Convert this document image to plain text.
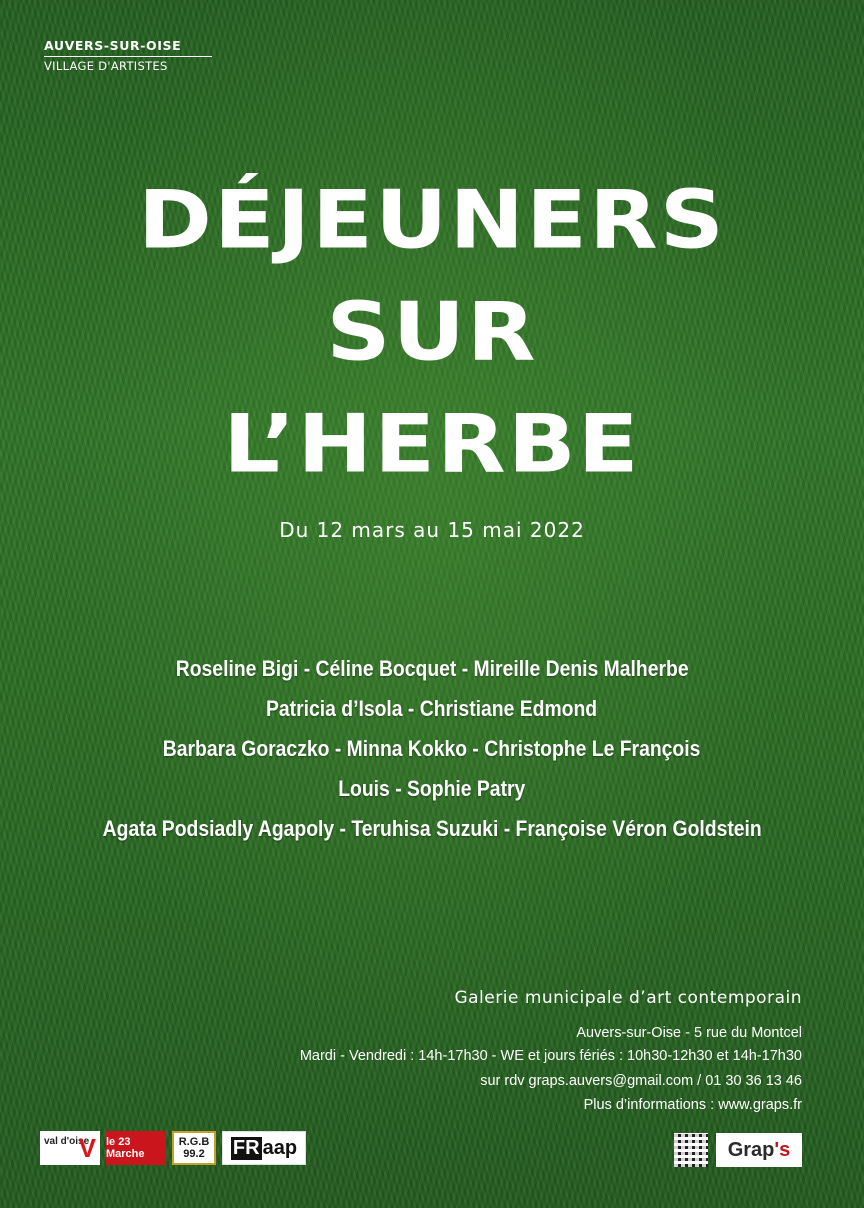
AUVERS-SUR-OISE
VILLAGE D'ARTISTES
DÉJEUNERS
SUR
L’HERBE
Du 12 mars au 15 mai 2022
Roseline Bigi - Céline Bocquet - Mireille Denis Malherbe
Patricia d’Isola - Christiane Edmond
Barbara Goraczko - Minna Kokko - Christophe Le François
Louis - Sophie Patry
Agata Podsiadly Agapoly - Teruhisa Suzuki - Françoise Véron Goldstein
Galerie municipale d’art contemporain
Auvers-sur-Oise - 5 rue du Montcel
Mardi - Vendredi : 14h-17h30 - WE et jours fériés : 10h30-12h30 et 14h-17h30
sur rdv graps.auvers@gmail.com / 01 30 36 13 46
Plus d’informations : www.graps.fr
val d'oise
V le 23 Marche
R.G.B
99.2 FR aap	Grap 's
